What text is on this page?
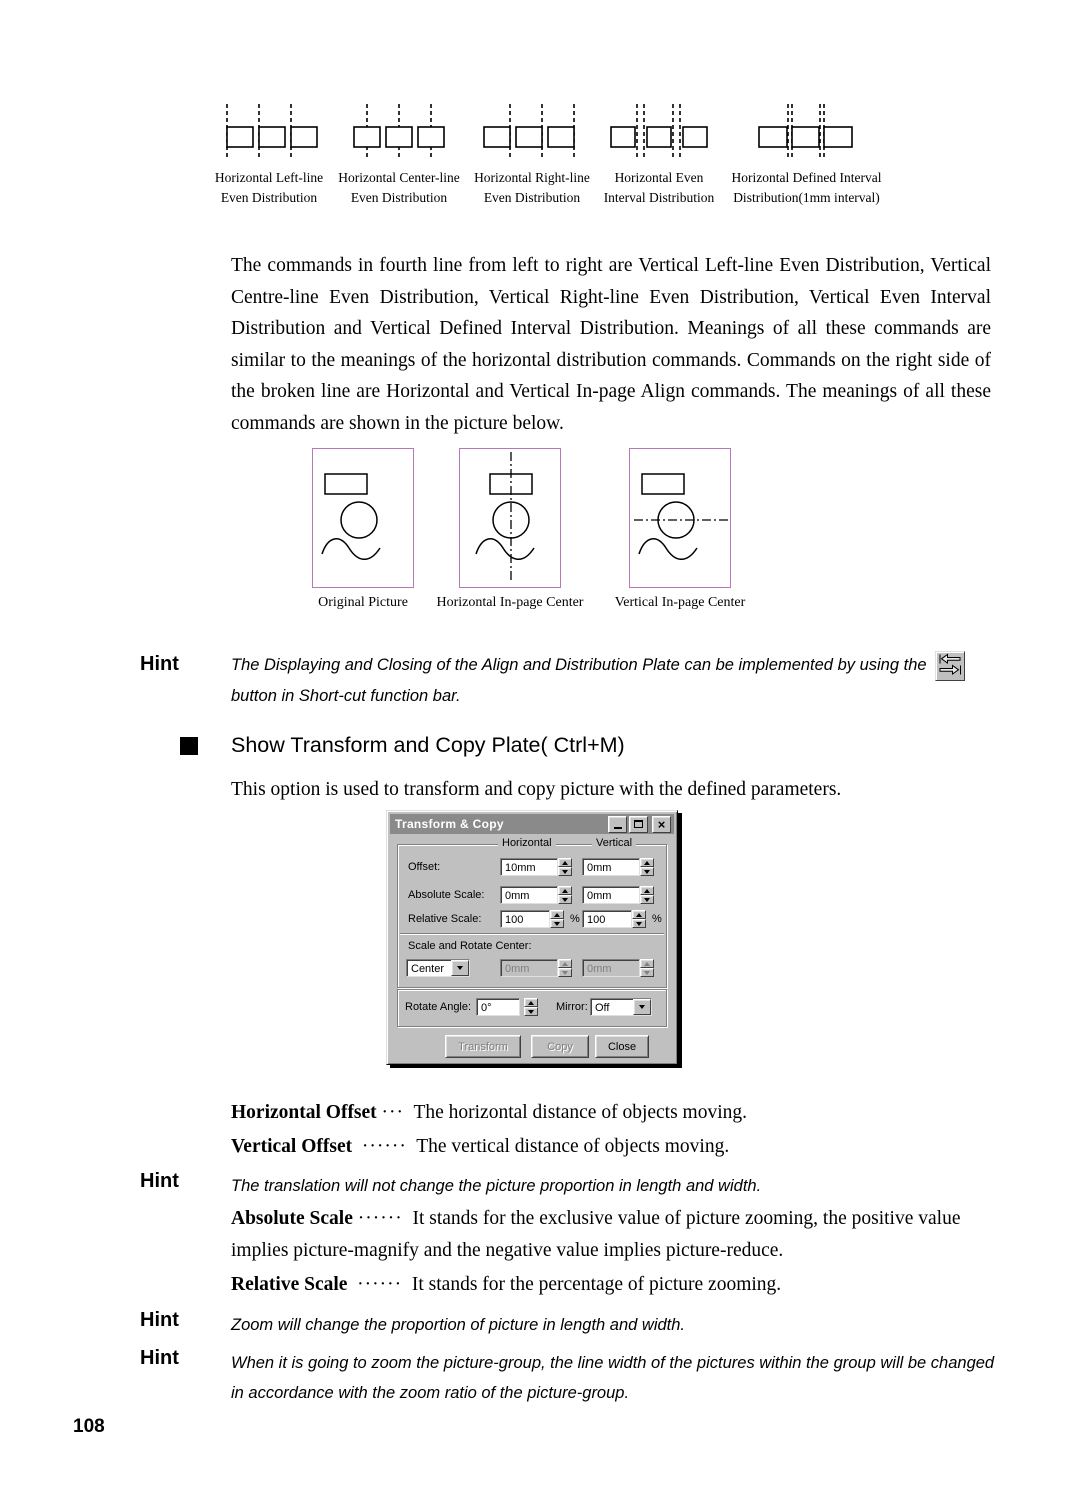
Horizontal Left-line
Even Distribution
Horizontal Center-line
Even Distribution
Horizontal Right-line
Even Distribution
Horizontal Even
Interval Distribution
Horizontal Defined Interval
Distribution(1mm interval)

The commands in fourth line from left to right are Vertical Left-line Even Distribution, Vertical Centre-line Even Distribution, Vertical Right-line Even Distribution, Vertical Even Interval Distribution and Vertical Defined Interval Distribution. Meanings of all these commands are similar to the meanings of the horizontal distribution commands. Commands on the right side of the broken line are Horizontal and Vertical In-page Align commands. The meanings of all these commands are shown in the picture below.

Original Picture	Horizontal In-page Center	Vertical In-page Center
Hint	The Displaying and Closing of the Align and Distribution Plate can be implemented by using the
button in Short-cut function bar.
Show Transform and Copy Plate( Ctrl+M)

This option is used to transform and copy picture with the defined parameters.

Transform & Copy	×
Horizontal	Vertical
Offset:	10mm	0mm
Absolute Scale:	0mm	0mm
Relative Scale:	100	% 100	%
Scale and Rotate Center:
Center	0mm	0mm
Rotate Angle: 0°	Mirror: Off
Transform	Copy	Close

Horizontal Offset ··· The horizontal distance of objects moving.

Vertical Offset ······ The vertical distance of objects moving.

Hint	The translation will not change the picture proportion in length and width.

Absolute Scale ······ It stands for the exclusive value of picture zooming, the positive value implies picture-magnify and the negative value implies picture-reduce.

Relative Scale ······ It stands for the percentage of picture zooming.

Hint	Zoom will change the proportion of picture in length and width.
Hint	When it is going to zoom the picture-group, the line width of the pictures within the group will be changed in accordance with the zoom ratio of the picture-group.
108
